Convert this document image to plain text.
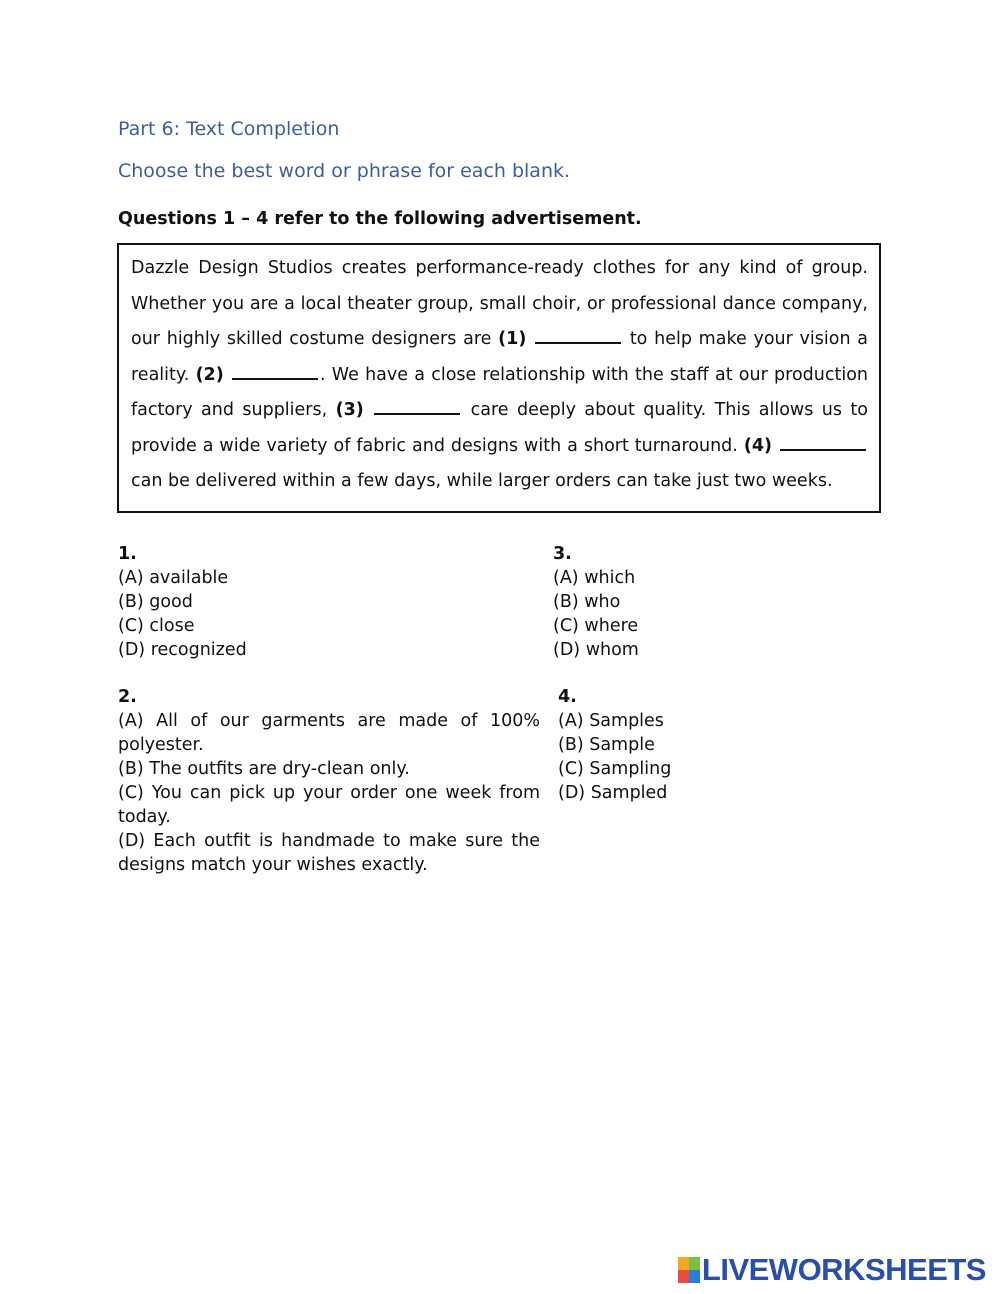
Part 6: Text Completion
Choose the best word or phrase for each blank.
Questions 1 – 4 refer to the following advertisement.

Dazzle Design Studios creates performance-ready clothes for any kind of group. Whether you are a local theater group, small choir, or professional dance company, our highly skilled costume designers are (1)	to help make your vision a reality. (2)	. We have a close relationship with the staff at our production factory and suppliers, (3)	care deeply about quality. This allows us to provide a wide variety of fabric and designs with a short turnaround. (4)  can be delivered within a few days, while larger orders can take just two weeks.

1.
(A) available
(B) good
(C) close
(D) recognized
3.
(A) which
(B) who
(C) where
(D) whom
2.
(A) All of our garments are made of 100% polyester.
(B) The outfits are dry-clean only.
(C) You can pick up your order one week from today.
(D) Each outfit is handmade to make sure the designs match your wishes exactly.
4.
(A) Samples
(B) Sample
(C) Sampling
(D) Sampled
LIVEWORKSHEETS
